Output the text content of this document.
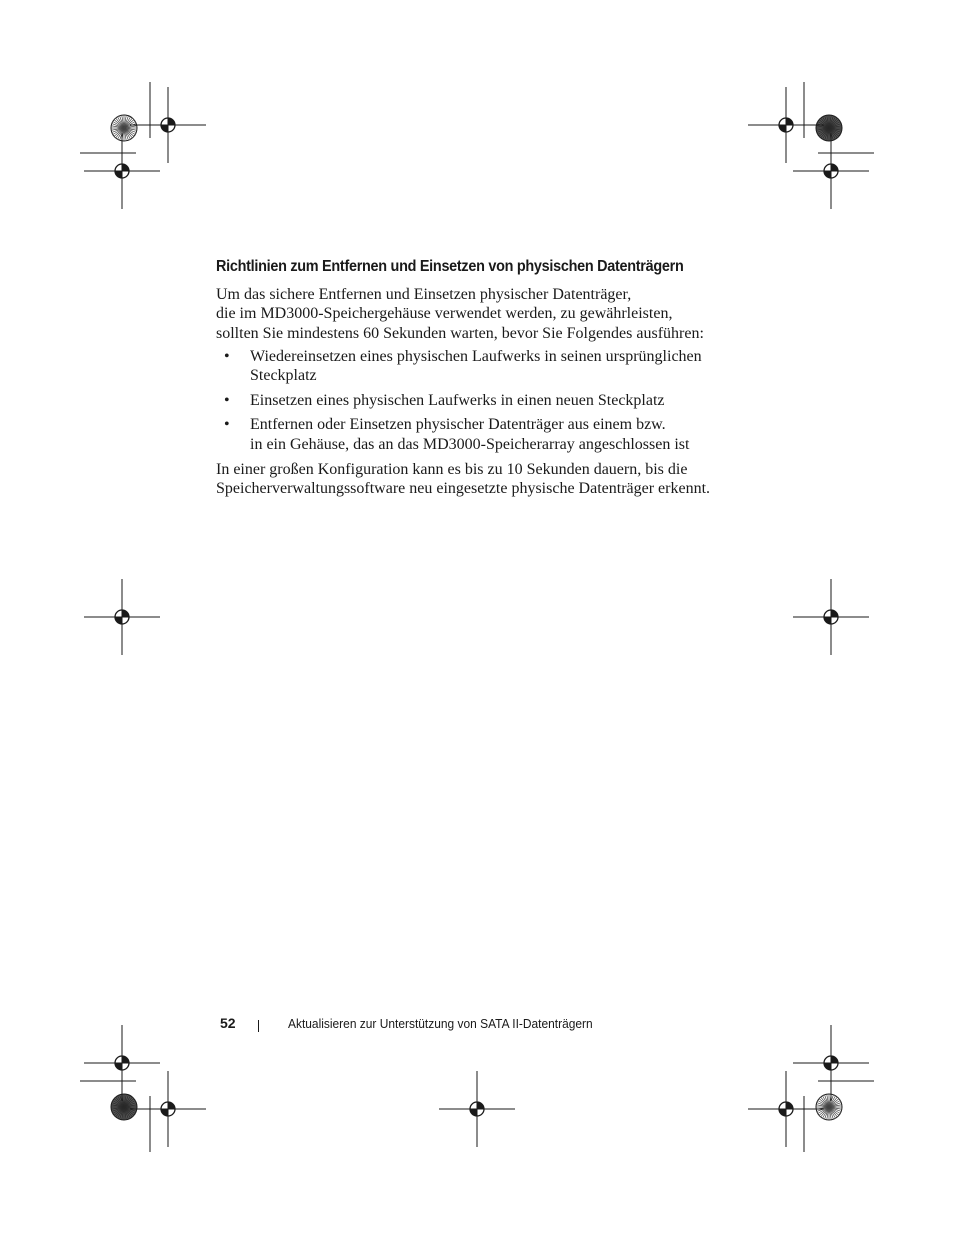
Richtlinien zum Entfernen und Einsetzen von physischen Datenträgern
Um das sichere Entfernen und Einsetzen physischer Datenträger,
die im MD3000-Speichergehäuse verwendet werden, zu gewährleisten,
sollten Sie mindestens 60 Sekunden warten, bevor Sie Folgendes ausführen:
• Wiedereinsetzen eines physischen Laufwerks in seinen ursprünglichen
Steckplatz
• Einsetzen eines physischen Laufwerks in einen neuen Steckplatz
• Entfernen oder Einsetzen physischer Datenträger aus einem bzw.
in ein Gehäuse, das an das MD3000-Speicherarray angeschlossen ist
In einer großen Konfiguration kann es bis zu 10 Sekunden dauern, bis die
Speicherverwaltungssoftware neu eingesetzte physische Datenträger erkennt.
52	Aktualisieren zur Unterstützung von SATA II-Datenträgern
